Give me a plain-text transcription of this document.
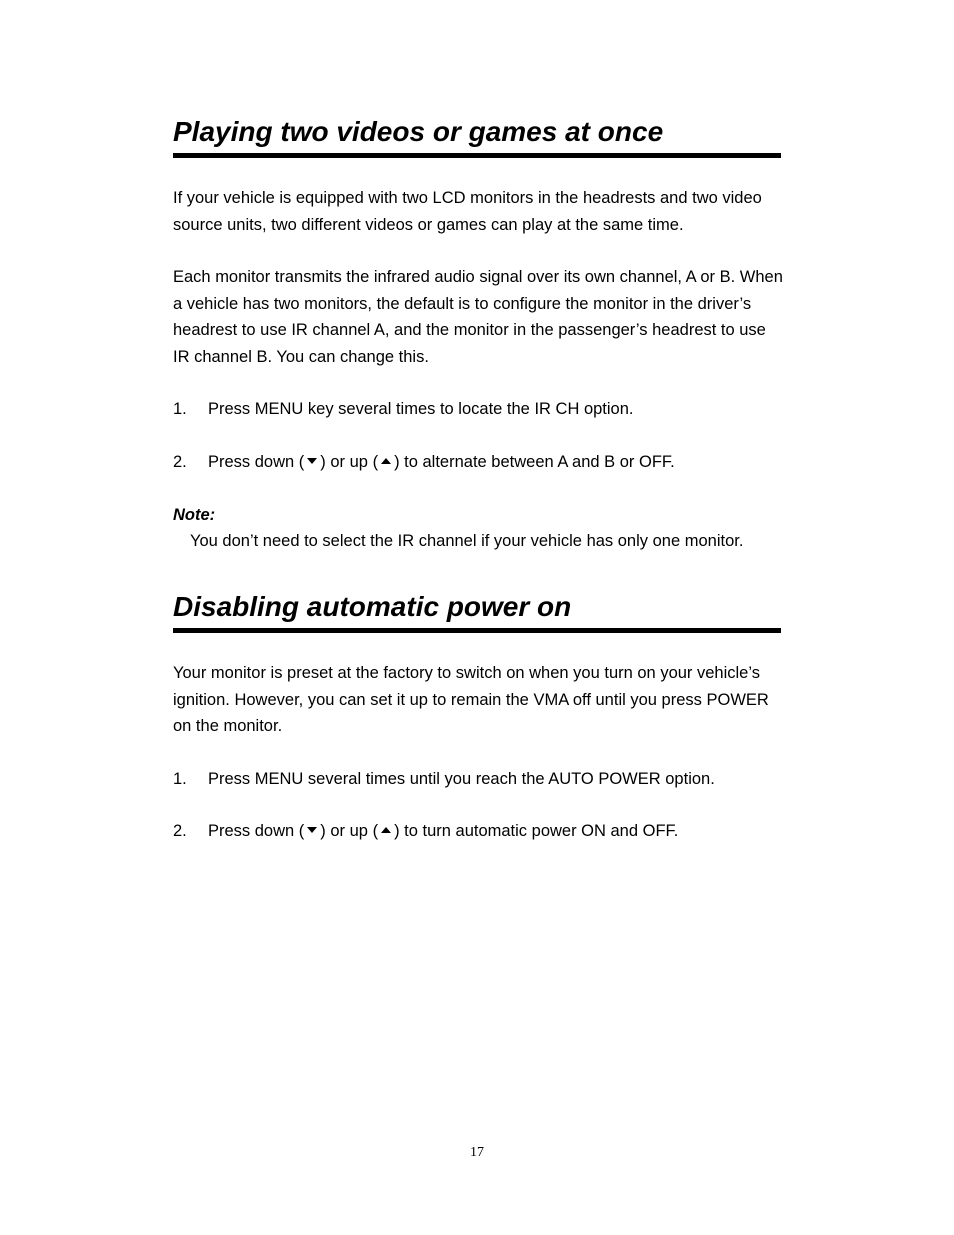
Playing two videos or games at once

If your vehicle is equipped with two LCD monitors in the headrests and two video source units, two different videos or games can play at the same time.

Each monitor transmits the infrared audio signal over its own channel, A or B. When a vehicle has two monitors, the default is to configure the monitor in the driver’s headrest to use IR channel A, and the monitor in the passenger’s headrest to use IR channel B. You can change this.

1. Press MENU key several times to locate the IR CH option.
2. Press down ( ) or up ( ) to alternate between A and B or OFF.
Note:
You don’t need to select the IR channel if your vehicle has only one monitor.
Disabling automatic power on

Your monitor is preset at the factory to switch on when you turn on your vehicle’s ignition. However, you can set it up to remain the VMA off until you press POWER on the monitor.

1. Press MENU several times until you reach the AUTO POWER option.
2. Press down ( ) or up ( ) to turn automatic power ON and OFF.
17
